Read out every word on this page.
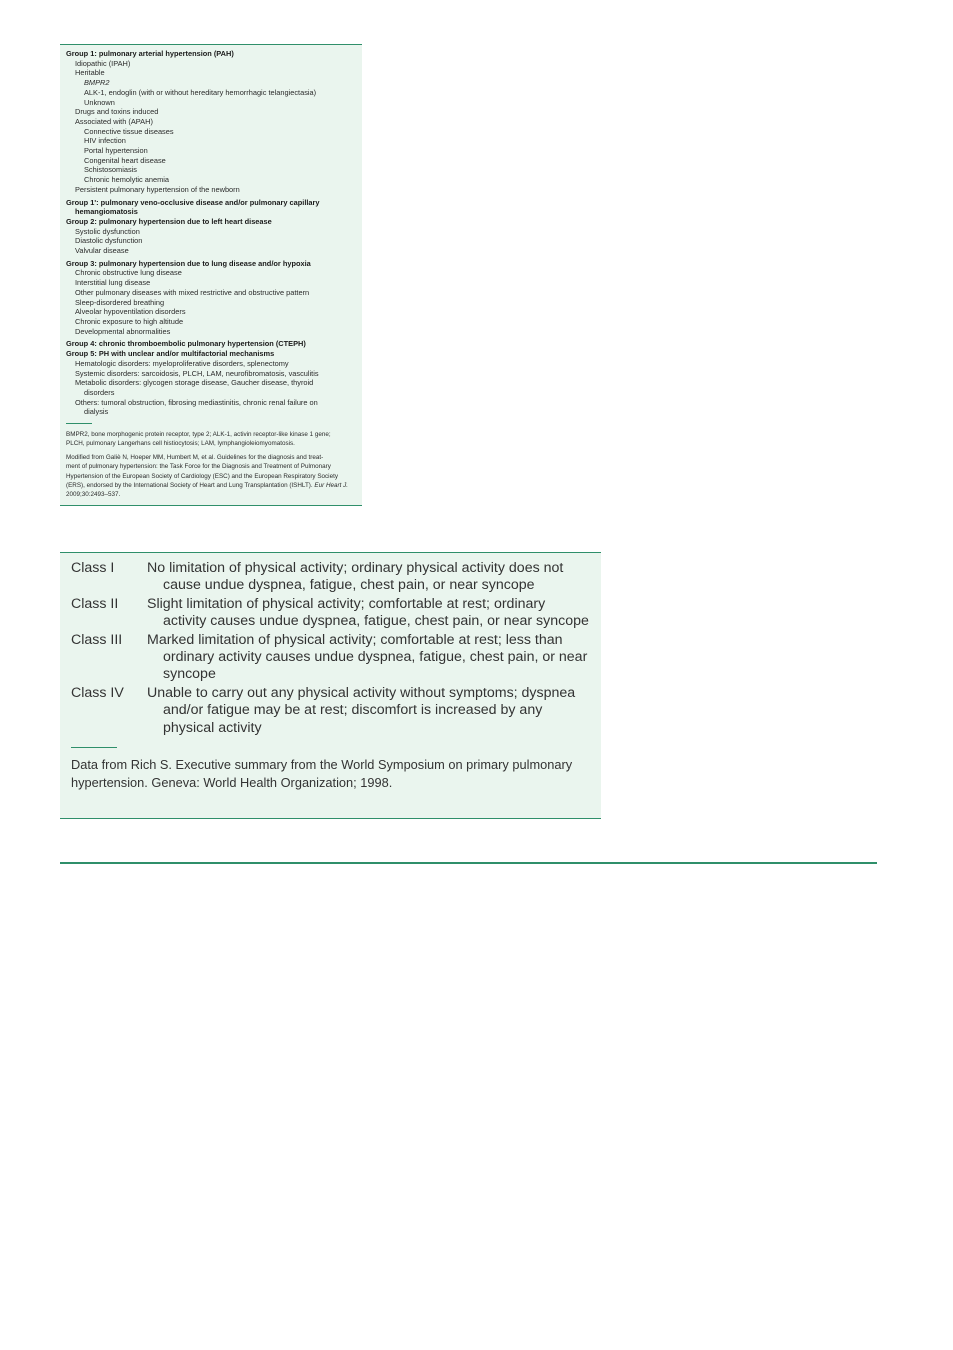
Group 1: pulmonary arterial hypertension (PAH)
Idiopathic (IPAH)
Heritable
BMPR2
ALK-1, endoglin (with or without hereditary hemorrhagic telangiectasia)
Unknown
Drugs and toxins induced
Associated with (APAH)
Connective tissue diseases
HIV infection
Portal hypertension
Congenital heart disease
Schistosomiasis
Chronic hemolytic anemia
Persistent pulmonary hypertension of the newborn
Group 1': pulmonary veno-occlusive disease and/or pulmonary capillary
hemangiomatosis
Group 2: pulmonary hypertension due to left heart disease
Systolic dysfunction
Diastolic dysfunction
Valvular disease
Group 3: pulmonary hypertension due to lung disease and/or hypoxia
Chronic obstructive lung disease
Interstitial lung disease
Other pulmonary diseases with mixed restrictive and obstructive pattern
Sleep-disordered breathing
Alveolar hypoventilation disorders
Chronic exposure to high altitude
Developmental abnormalities
Group 4: chronic thromboembolic pulmonary hypertension (CTEPH)
Group 5: PH with unclear and/or multifactorial mechanisms
Hematologic disorders: myeloproliferative disorders, splenectomy
Systemic disorders: sarcoidosis, PLCH, LAM, neurofibromatosis, vasculitis
Metabolic disorders: glycogen storage disease, Gaucher disease, thyroid
disorders
Others: tumoral obstruction, fibrosing mediastinitis, chronic renal failure on
dialysis
BMPR2, bone morphogenic protein receptor, type 2; ALK-1, activin receptor-like kinase 1 gene;
PLCH, pulmonary Langerhans cell histiocytosis; LAM, lymphangioleiomyomatosis.
Modified from Galiè N, Hoeper MM, Humbert M, et al. Guidelines for the diagnosis and treat-
ment of pulmonary hypertension: the Task Force for the Diagnosis and Treatment of Pulmonary
Hypertension of the European Society of Cardiology (ESC) and the European Respiratory Society
(ERS), endorsed by the International Society of Heart and Lung Transplantation (ISHLT). Eur Heart J.
2009;30:2493–537.
Class I	No limitation of physical activity; ordinary physical activity does not cause undue dyspnea, fatigue, chest pain, or near syncope
Class II	Slight limitation of physical activity; comfortable at rest; ordinary activity causes undue dyspnea, fatigue, chest pain, or near syncope
Class III	Marked limitation of physical activity; comfortable at rest; less than ordinary activity causes undue dyspnea, fatigue, chest pain, or near syncope
Class IV	Unable to carry out any physical activity without symptoms; dyspnea and/or fatigue may be at rest; discomfort is increased by any physical activity
Data from Rich S. Executive summary from the World Symposium on primary pulmonary
hypertension. Geneva: World Health Organization; 1998.
